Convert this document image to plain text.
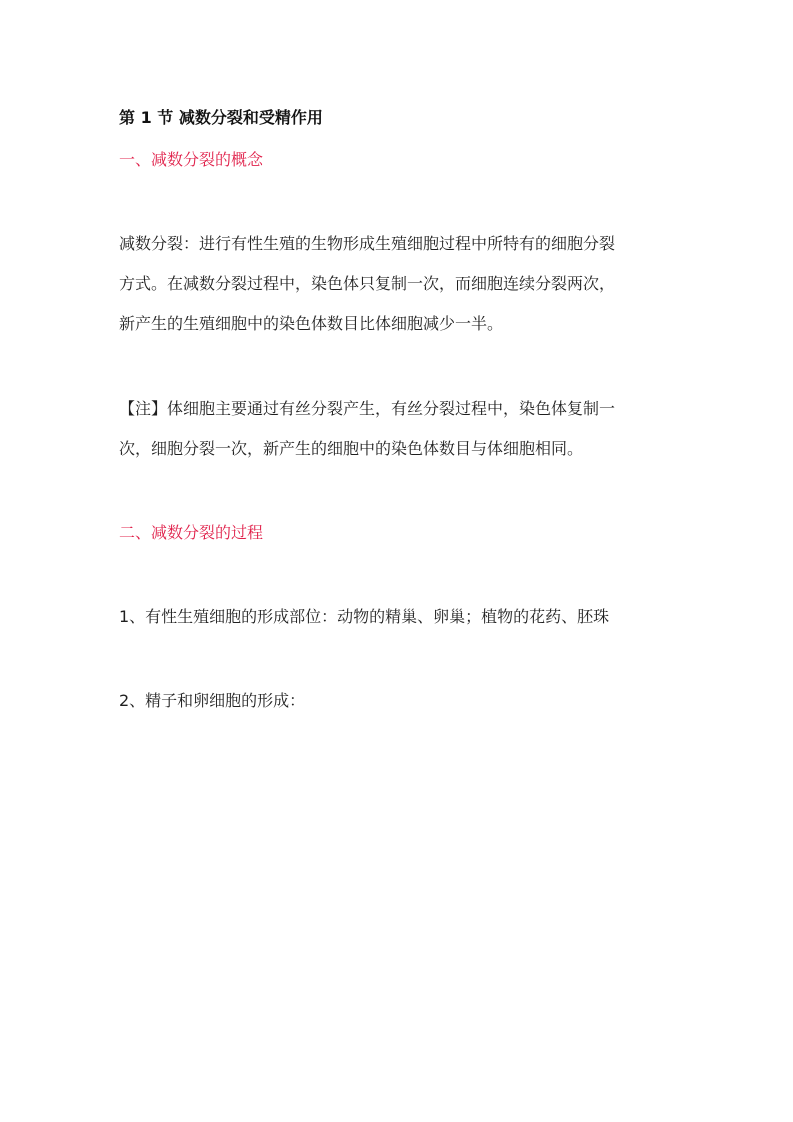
第 1 节 减数分裂和受精作用

一、减数分裂的概念

减数分裂：进行有性生殖的生物形成生殖细胞过程中所特有的细胞分裂

方式。在减数分裂过程中，染色体只复制一次，而细胞连续分裂两次，

新产生的生殖细胞中的染色体数目比体细胞减少一半。

【注】体细胞主要通过有丝分裂产生，有丝分裂过程中，染色体复制一

次，细胞分裂一次，新产生的细胞中的染色体数目与体细胞相同。

二、减数分裂的过程

1、有性生殖细胞的形成部位：动物的精巢、卵巢；植物的花药、胚珠

2、精子和卵细胞的形成：
